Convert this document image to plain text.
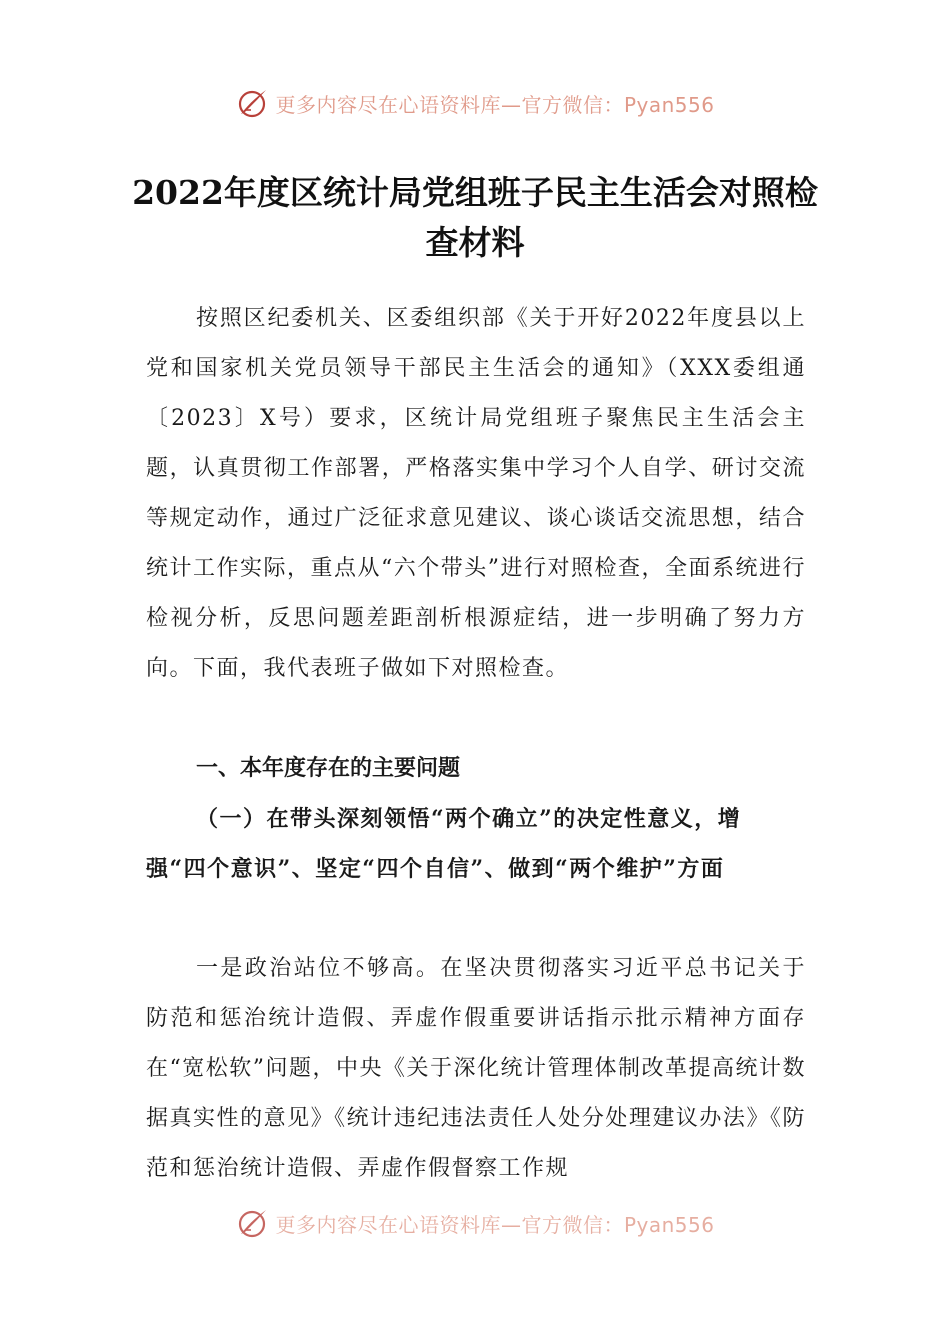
更多内容尽在心语资料库—官方微信：Pyan556
2022年度区统计局党组班子民主生活会对照检查材料

按照区纪委机关、区委组织部《关于开好2022年度县以上党和国家机关党员领导干部民主生活会的通知》（XXX委组通〔2023〕X号）要求，区统计局党组班子聚焦民主生活会主题，认真贯彻工作部署，严格落实集中学习个人自学、研讨交流等规定动作，通过广泛征求意见建议、谈心谈话交流思想，结合统计工作实际，重点从“六个带头”进行对照检查，全面系统进行检视分析，反思问题差距剖析根源症结，进一步明确了努力方向。下面，我代表班子做如下对照检查。

一、本年度存在的主要问题
（一）在带头深刻领悟“两个确立”的决定性意义，增强“四个意识”、坚定“四个自信”、做到“两个维护”方面

一是政治站位不够高。在坚决贯彻落实习近平总书记关于防范和惩治统计造假、弄虚作假重要讲话指示批示精神方面存在“宽松软”问题，中央《关于深化统计管理体制改革提高统计数据真实性的意见》《统计违纪违法责任人处分处理建议办法》《防范和惩治统计造假、弄虚作假督察工作规

更多内容尽在心语资料库—官方微信：Pyan556
